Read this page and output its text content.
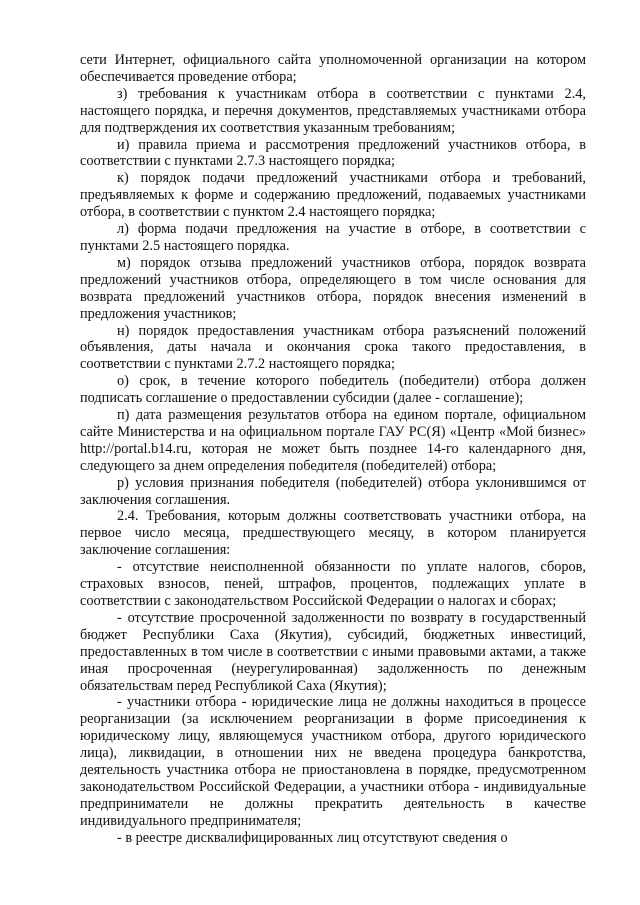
сети Интернет, официального сайта уполномоченной организации на котором обеспечивается проведение отбора;

з) требования к участникам отбора в соответствии с пунктами 2.4, настоящего порядка, и перечня документов, представляемых участниками отбора для подтверждения их соответствия указанным требованиям;

и) правила приема и рассмотрения предложений участников отбора, в соответствии с пунктами 2.7.3 настоящего порядка;

к) порядок подачи предложений участниками отбора и требований, предъявляемых к форме и содержанию предложений, подаваемых участниками отбора, в соответствии с пунктом 2.4 настоящего порядка;

л) форма подачи предложения на участие в отборе, в соответствии с пунктами 2.5 настоящего порядка.

м) порядок отзыва предложений участников отбора, порядок возврата предложений участников отбора, определяющего в том числе основания для возврата предложений участников отбора, порядок внесения изменений в предложения участников;

н) порядок предоставления участникам отбора разъяснений положений объявления, даты начала и окончания срока такого предоставления, в соответствии с пунктами 2.7.2 настоящего порядка;

о) срок, в течение которого победитель (победители) отбора должен подписать соглашение о предоставлении субсидии (далее - соглашение);

п) дата размещения результатов отбора на едином портале, официальном сайте Министерства и на официальном портале ГАУ РС(Я) «Центр «Мой бизнес» http://portal.b14.ru, которая не может быть позднее 14-го календарного дня, следующего за днем определения победителя (победителей) отбора;

р) условия признания победителя (победителей) отбора уклонившимся от заключения соглашения.

2.4. Требования, которым должны соответствовать участники отбора, на первое число месяца, предшествующего месяцу, в котором планируется заключение соглашения:

- отсутствие неисполненной обязанности по уплате налогов, сборов, страховых взносов, пеней, штрафов, процентов, подлежащих уплате в соответствии с законодательством Российской Федерации о налогах и сборах;

- отсутствие просроченной задолженности по возврату в государственный бюджет Республики Саха (Якутия), субсидий, бюджетных инвестиций, предоставленных в том числе в соответствии с иными правовыми актами, а также иная просроченная (неурегулированная) задолженность по денежным обязательствам перед Республикой Саха (Якутия);

- участники отбора - юридические лица не должны находиться в процессе реорганизации (за исключением реорганизации в форме присоединения к юридическому лицу, являющемуся участником отбора, другого юридического лица), ликвидации, в отношении них не введена процедура банкротства, деятельность участника отбора не приостановлена в порядке, предусмотренном законодательством Российской Федерации, а участники отбора - индивидуальные предприниматели не должны прекратить деятельность в качестве индивидуального предпринимателя;

- в реестре дисквалифицированных лиц отсутствуют сведения о
